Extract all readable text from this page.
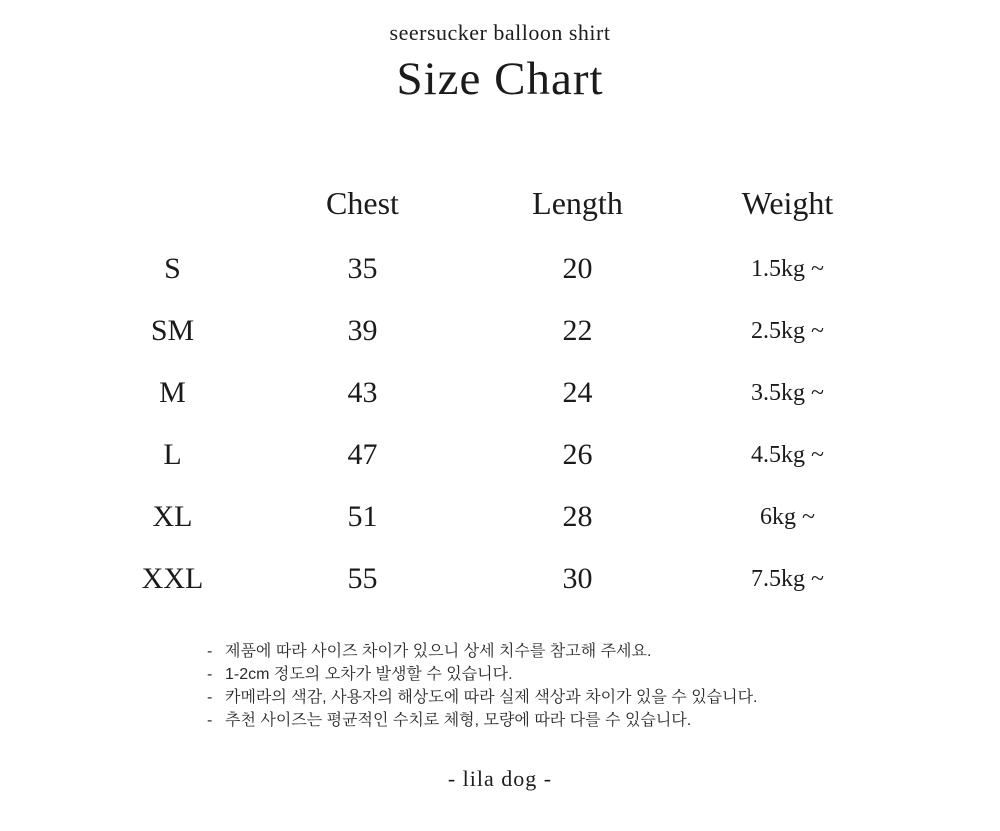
seersucker balloon shirt
Size Chart
	Chest	Length	Weight
S	35	20	1.5kg ~
SM	39	22	2.5kg ~
M	43	24	3.5kg ~
L	47	26	4.5kg ~
XL	51	28	6kg ~
XXL	55	30	7.5kg ~
- 제품에 따라 사이즈 차이가 있으니 상세 치수를 참고해 주세요.
- 1-2cm 정도의 오차가 발생할 수 있습니다.
- 카메라의 색감, 사용자의 해상도에 따라 실제 색상과 차이가 있을 수 있습니다.
- 추천 사이즈는 평균적인 수치로 체형, 모량에 따라 다를 수 있습니다.
- lila dog -
